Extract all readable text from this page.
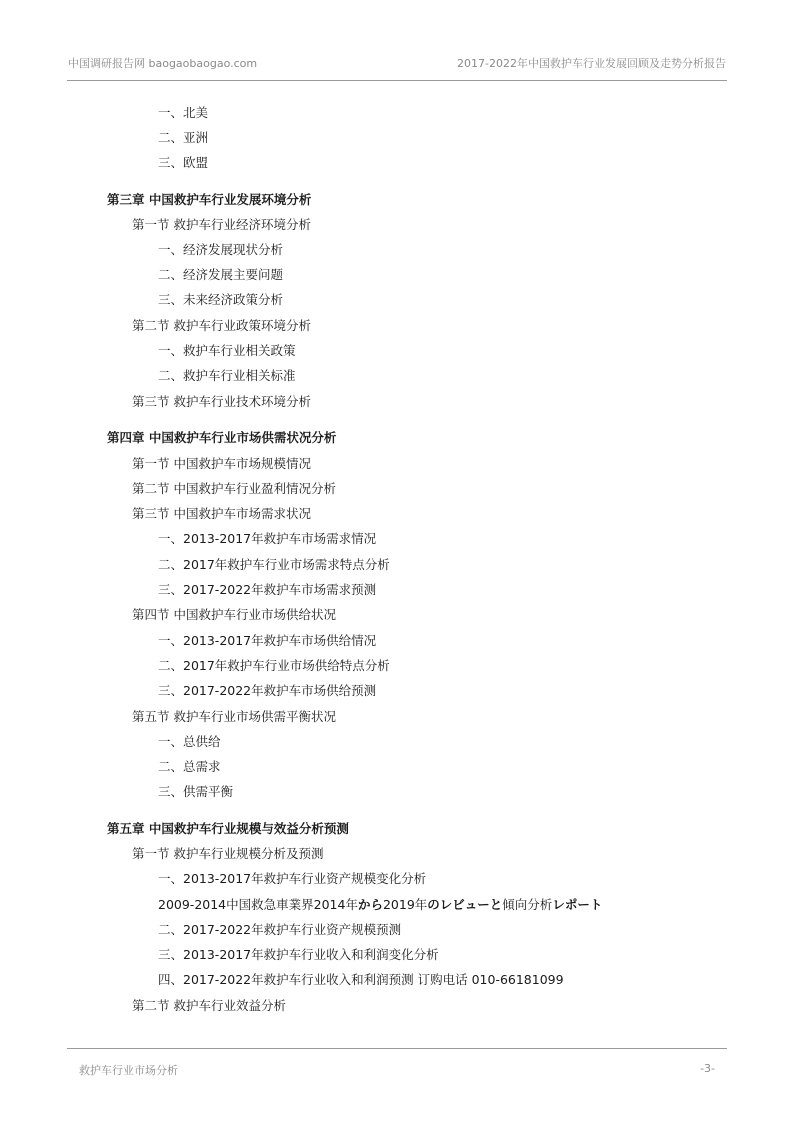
中国调研报告网 baogaobaogao.com	2017-2022年中国救护车行业发展回顾及走势分析报告
一、北美
二、亚洲
三、欧盟
第三章 中国救护车行业发展环境分析
第一节 救护车行业经济环境分析
一、经济发展现状分析
二、经济发展主要问题
三、未来经济政策分析
第二节 救护车行业政策环境分析
一、救护车行业相关政策
二、救护车行业相关标准
第三节 救护车行业技术环境分析
第四章 中国救护车行业市场供需状况分析
第一节 中国救护车市场规模情况
第二节 中国救护车行业盈利情况分析
第三节 中国救护车市场需求状况
一、2013-2017年救护车市场需求情况
二、2017年救护车行业市场需求特点分析
三、2017-2022年救护车市场需求预测
第四节 中国救护车行业市场供给状况
一、2013-2017年救护车市场供给情况
二、2017年救护车行业市场供给特点分析
三、2017-2022年救护车市场供给预测
第五节 救护车行业市场供需平衡状况
一、总供给
二、总需求
三、供需平衡
第五章 中国救护车行业规模与效益分析预测
第一节 救护车行业规模分析及预测
一、2013-2017年救护车行业资产规模变化分析
2009-2014中国救急車業界2014年から2019年のレビューと傾向分析レポート
二、2017-2022年救护车行业资产规模预测
三、2013-2017年救护车行业收入和利润变化分析
四、2017-2022年救护车行业收入和利润预测 订购电话 010-66181099
第二节 救护车行业效益分析
救护车行业市场分析	-3-
